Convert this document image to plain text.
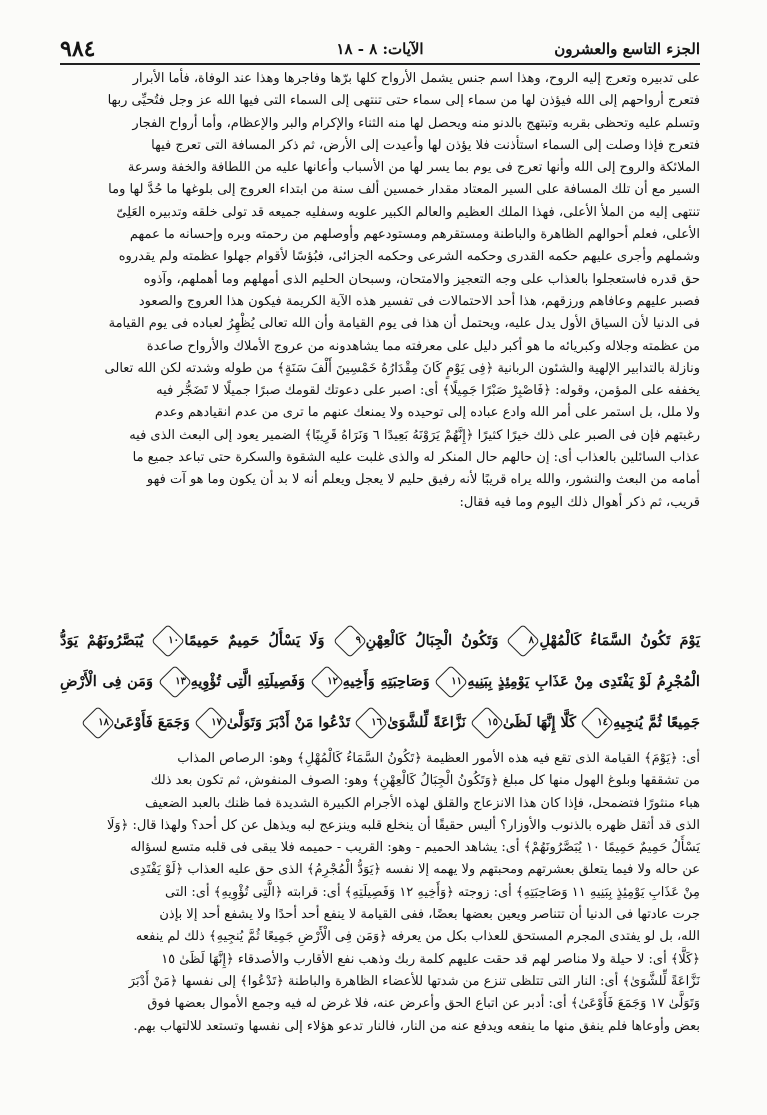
٩٨٤	الآيات: ٨ - ١٨	الجزء التاسع والعشرون

على تدبيره وتعرج إليه الروح، وهذا اسم جنس يشمل الأرواح كلها برّها وفاجرها وهذا عند الوفاة، فأما الأبرار

فتعرج أرواحهم إلى الله فيؤذن لها من سماء إلى سماء حتى تنتهى إلى السماء التى فيها الله عز وجل فتُحيِّى ربها

وتسلم عليه وتحظى بقربه وتبتهج بالدنو منه ويحصل لها منه الثناء والإكرام والبر والإعظام، وأما أرواح الفجار

فتعرج فإذا وصلت إلى السماء استأذنت فلا يؤذن لها وأعيدت إلى الأرض، ثم ذكر المسافة التى تعرج فيها

الملائكة والروح إلى الله وأنها تعرج فى يوم بما يسر لها من الأسباب وأعانها عليه من اللطافة والخفة وسرعة

السير مع أن تلك المسافة على السير المعتاد مقدار خمسين ألف سنة من ابتداء العروج إلى بلوغها ما حُدَّ لها وما

تنتهى إليه من الملأ الأعلى، فهذا الملك العظيم والعالم الكبير علويه وسفليه جميعه قد تولى خلقه وتدبيره العَلِىّ

الأعلى، فعلم أحوالهم الظاهرة والباطنة ومستقرهم ومستودعهم وأوصلهم من رحمته وبره وإحسانه ما عمهم

وشملهم وأجرى عليهم حكمه القدرى وحكمه الشرعى وحكمه الجزائى، فبُؤسًا لأقوام جهلوا عظمته ولم يقدروه

حق قدره فاستعجلوا بالعذاب على وجه التعجيز والامتحان، وسبحان الحليم الذى أمهلهم وما أهملهم، وآذوه

فصبر عليهم وعافاهم ورزقهم، هذا أحد الاحتمالات فى تفسير هذه الآية الكريمة فيكون هذا العروج والصعود

فى الدنيا لأن السياق الأول يدل عليه، ويحتمل أن هذا فى يوم القيامة وأن الله تعالى يُظْهِرُ لعباده فى يوم القيامة

من عظمته وجلاله وكبريائه ما هو أكبر دليل على معرفته مما يشاهدونه من عروج الأملاك والأرواح صاعدة

ونازلة بالتدابير الإلهية والشئون الربانية ﴿فِى يَوْمٍ كَانَ مِقْدَارُهُ خَمْسِينَ أَلْفَ سَنَةٍ﴾ من طوله وشدته لكن الله تعالى

يخففه على المؤمن، وقوله: ﴿فَاصْبِرْ صَبْرًا جَمِيلًا﴾ أى: اصبر على دعوتك لقومك صبرًا جميلًا لا تَضَجُّر فيه

ولا ملل، بل استمر على أمر الله وادع عباده إلى توحيده ولا يمنعك عنهم ما ترى من عدم انقيادهم وعدم

رغبتهم فإن فى الصبر على ذلك خيرًا كثيرًا ﴿إِنَّهُمْ يَرَوْنَهُ بَعِيدًا ٦ وَنَرَاهُ قَرِيبًا﴾ الضمير يعود إلى البعث الذى فيه

عذاب السائلين بالعذاب أى: إن حالهم حال المنكر له والذى غلبت عليه الشقوة والسكرة حتى تباعد جميع ما

أمامه من البعث والنشور، والله يراه قريبًا لأنه رفيق حليم لا يعجل ويعلم أنه لا بد أن يكون وما هو آت فهو

قريب، ثم ذكر أهوال ذلك اليوم وما فيه فقال:

يَوْمَ تَكُونُ السَّمَاءُ كَالْمُهْلِ
٨
وَتَكُونُ الْجِبَالُ كَالْعِهْنِ
٩
وَلَا يَسْأَلُ حَمِيمٌ حَمِيمًا
١٠
يُبَصَّرُونَهُمْ يَوَدُّ الْمُجْرِمُ لَوْ يَفْتَدِى مِنْ عَذَابِ يَوْمِئِذٍ بِبَنِيهِ
١١
وَصَاحِبَتِهِ وَأَخِيهِ
١٢
وَفَصِيلَتِهِ الَّتِى تُؤْوِيهِ
١٣
وَمَن فِى الْأَرْضِ جَمِيعًا ثُمَّ يُنجِيهِ
١٤
كَلَّا إِنَّهَا لَظَىٰ
١٥
نَزَّاعَةً لِّلشَّوَىٰ
١٦
تَدْعُوا مَنْ أَدْبَرَ وَتَوَلَّىٰ
١٧
وَجَمَعَ فَأَوْعَىٰ
١٨

أى: ﴿يَوْمَ﴾ القيامة الذى تقع فيه هذه الأمور العظيمة ﴿تَكُونُ السَّمَاءُ كَالْمُهْلِ﴾ وهو: الرصاص المذاب

من تشققها وبلوغ الهول منها كل مبلغ ﴿وَتَكُونُ الْجِبَالُ كَالْعِهْنِ﴾ وهو: الصوف المنفوش، ثم تكون بعد ذلك

هباء منثورًا فتضمحل، فإذا كان هذا الانزعاج والقلق لهذه الأجرام الكبيرة الشديدة فما ظنك بالعبد الضعيف

الذى قد أثقل ظهره بالذنوب والأوزار؟ أليس حقيقًا أن ينخلع قلبه وينزعج لبه ويذهل عن كل أحد؟ ولهذا قال: ﴿وَلَا

يَسْأَلُ حَمِيمٌ حَمِيمًا ١٠ يُبَصَّرُونَهُمْ﴾ أى: يشاهد الحميم - وهو: القريب - حميمه فلا يبقى فى قلبه متسع لسؤاله

عن حاله ولا فيما يتعلق بعشرتهم ومحبتهم ولا يهمه إلا نفسه ﴿يَوَدُّ الْمُجْرِمُ﴾ الذى حق عليه العذاب ﴿لَوْ يَفْتَدِى

مِنْ عَذَابِ يَوْمِئِذٍ بِبَنِيهِ ١١ وَصَاحِبَتِهِ﴾ أى: زوجته ﴿وَأَخِيهِ ١٢ وَفَصِيلَتِهِ﴾ أى: قرابته ﴿الَّتِى تُؤْوِيهِ﴾ أى: التى

جرت عادتها فى الدنيا أن تتناصر ويعين بعضها بعضًا، ففى القيامة لا ينفع أحد أحدًا ولا يشفع أحد إلا بإذن

الله، بل لو يفتدى المجرم المستحق للعذاب بكل من يعرفه ﴿وَمَن فِى الْأَرْضِ جَمِيعًا ثُمَّ يُنجِيهِ﴾ ذلك لم ينفعه

﴿كَلَّا﴾ أى: لا حيلة ولا مناصر لهم قد حقت عليهم كلمة ربك وذهب نفع الأقارب والأصدقاء ﴿إِنَّهَا لَظَىٰ ١٥

نَزَّاعَةً لِّلشَّوَىٰ﴾ أى: النار التى تتلظى تنزع من شدتها للأعضاء الظاهرة والباطنة ﴿تَدْعُوا﴾ إلى نفسها ﴿مَنْ أَدْبَرَ

وَتَوَلَّىٰ ١٧ وَجَمَعَ فَأَوْعَىٰ﴾ أى: أدبر عن اتباع الحق وأعرض عنه، فلا غرض له فيه وجمع الأموال بعضها فوق

بعض وأوعاها فلم ينفق منها ما ينفعه ويدفع عنه من النار، فالنار تدعو هؤلاء إلى نفسها وتستعد للالتهاب بهم.
